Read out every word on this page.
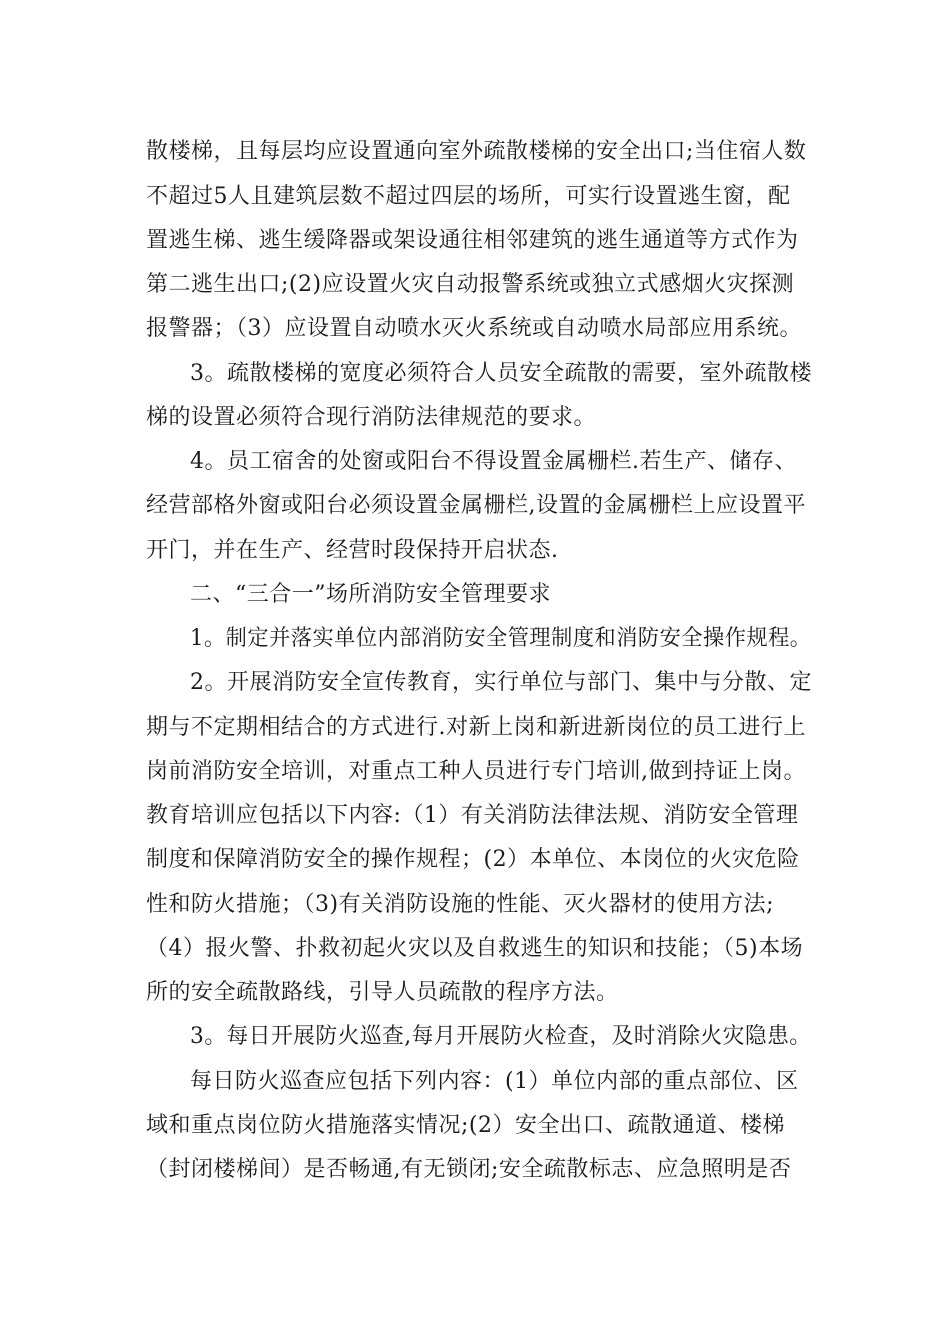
散楼梯，且每层均应设置通向室外疏散楼梯的安全出口;当住宿人数
不超过5人且建筑层数不超过四层的场所，可实行设置逃生窗，配
置逃生梯、逃生缓降器或架设通往相邻建筑的逃生通道等方式作为
第二逃生出口;(2)应设置火灾自动报警系统或独立式感烟火灾探测
报警器；（3）应设置自动喷水灭火系统或自动喷水局部应用系统。
3。疏散楼梯的宽度必须符合人员安全疏散的需要，室外疏散楼
梯的设置必须符合现行消防法律规范的要求。
4。员工宿舍的处窗或阳台不得设置金属栅栏.若生产、储存、
经营部格外窗或阳台必须设置金属栅栏,设置的金属栅栏上应设置平
开门，并在生产、经营时段保持开启状态.
二、“三合一”场所消防安全管理要求
1。制定并落实单位内部消防安全管理制度和消防安全操作规程。
2。开展消防安全宣传教育，实行单位与部门、集中与分散、定
期与不定期相结合的方式进行.对新上岗和新进新岗位的员工进行上
岗前消防安全培训，对重点工种人员进行专门培训,做到持证上岗。
教育培训应包括以下内容:（1）有关消防法律法规、消防安全管理
制度和保障消防安全的操作规程；(2）本单位、本岗位的火灾危险
性和防火措施；（3)有关消防设施的性能、灭火器材的使用方法;
（4）报火警、扑救初起火灾以及自救逃生的知识和技能；（5)本场
所的安全疏散路线，引导人员疏散的程序方法。
3。每日开展防火巡查,每月开展防火检查，及时消除火灾隐患。
每日防火巡查应包括下列内容：(1）单位内部的重点部位、区
域和重点岗位防火措施落实情况;(2）安全出口、疏散通道、楼梯
（封闭楼梯间）是否畅通,有无锁闭;安全疏散标志、应急照明是否
